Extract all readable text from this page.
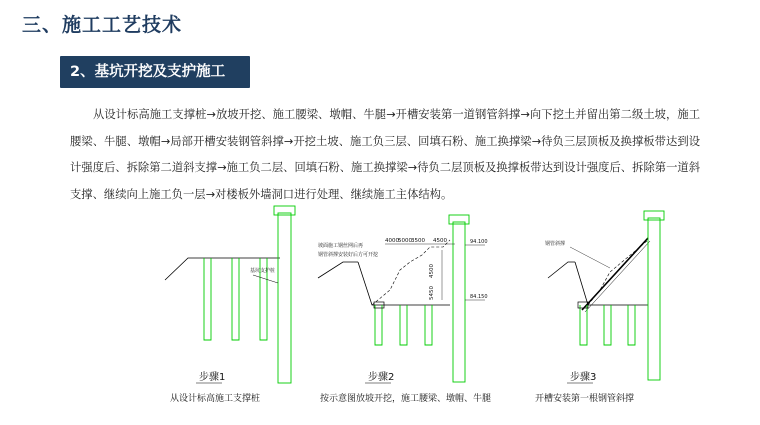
三、施工工艺技术
2、基坑开挖及支护施工

从设计标高施工支撑桩→放坡开挖、施工腰梁、墩帽、牛腿→开槽安装第一道钢管斜撑→向下挖土并留出第二级土坡，施工腰梁、牛腿、墩帽→局部开槽安装钢管斜撑→开挖土坡、施工负三层、回填石粉、施工换撑梁→待负三层顶板及换撑板带达到设计强度后、拆除第二道斜支撑→施工负二层、回填石粉、施工换撑梁→待负二层顶板及换撑板带达到设计强度后、拆除第一道斜支撑、继续向上施工负一层→对楼板外墙洞口进行处理、继续施工主体结构。

基坑支护桩
步骤1
从设计标高施工支撑桩
4000 5000 3500 4500
4500
5450
94.100
84.150
坡面施工钢丝网后再
钢管斜撑安装好后方可开挖
步骤2
按示意图放坡开挖，施工腰梁、墩帽、牛腿
钢管斜撑
步骤3
开槽安装第一根钢管斜撑
